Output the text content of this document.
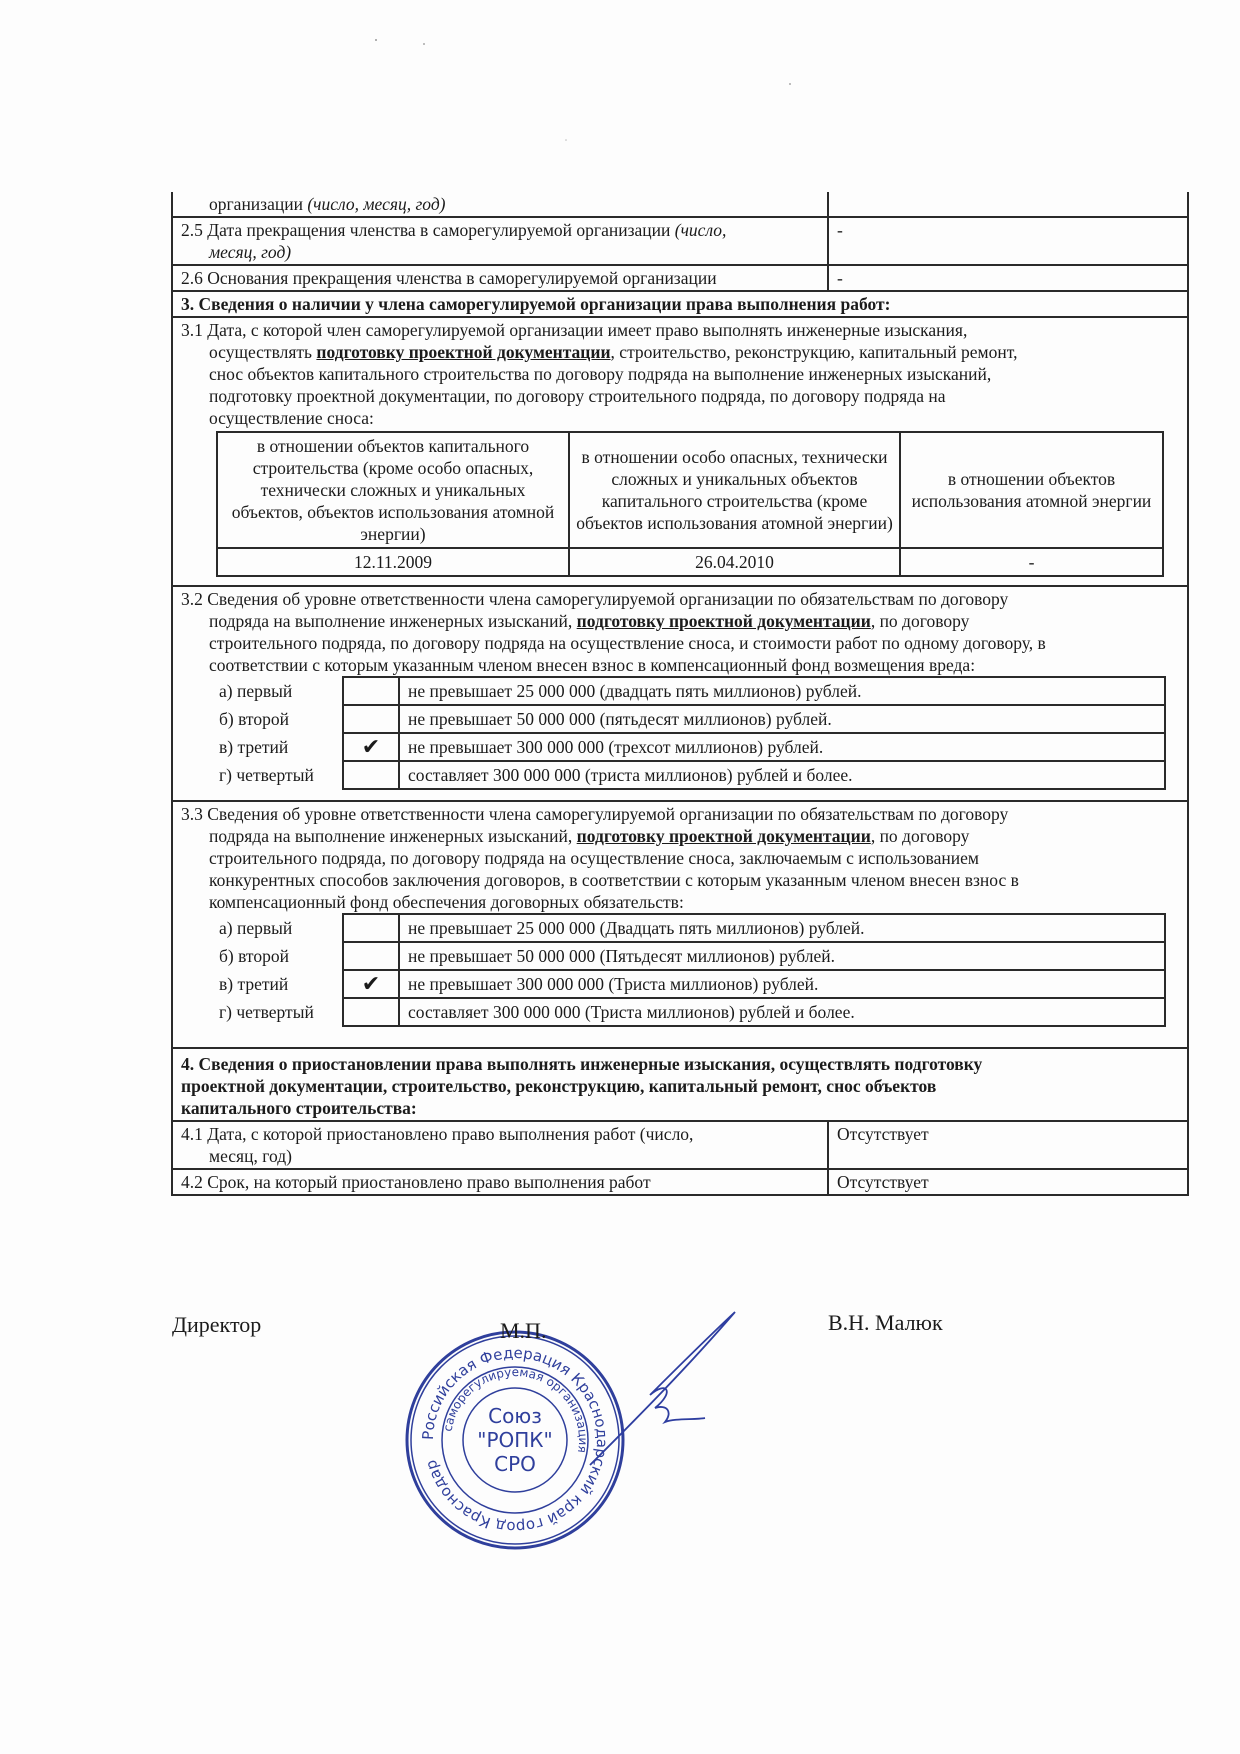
организации (число, месяц, год)	
2.5 Дата прекращения членства в саморегулируемой организации (число,
месяц, год)
	-
2.6 Основания прекращения членства в саморегулируемой организации	-
3. Сведения о наличии у члена саморегулируемой организации права выполнения работ:

3.1 Дата, с которой член саморегулируемой организации имеет право выполнять инженерные изыскания,
осуществлять подготовку проектной документации, строительство, реконструкцию, капитальный ремонт,
снос объектов капитального строительства по договору подряда на выполнение инженерных изысканий,
подготовку проектной документации, по договору строительного подряда, по договору подряда на
осуществление сноса:
в отношении объектов капитального строительства (кроме особо опасных, технически сложных и уникальных объектов, объектов использования атомной энергии)	в отношении особо опасных, технически сложных и уникальных объектов капитального строительства (кроме объектов использования атомной энергии)	в отношении объектов использования атомной энергии
12.11.2009	26.04.2010	-

3.2 Сведения об уровне ответственности члена саморегулируемой организации по обязательствам по договору
подряда на выполнение инженерных изысканий, подготовку проектной документации, по договору
строительного подряда, по договору подряда на осуществление сноса, и стоимости работ по одному договору, в
соответствии с которым указанным членом внесен взнос в компенсационный фонд возмещения вреда:
а) первый		не превышает 25 000 000 (двадцать пять миллионов) рублей.
б) второй		не превышает 50 000 000 (пятьдесят миллионов) рублей.
в) третий	✔	не превышает 300 000 000 (трехсот миллионов) рублей.
г) четвертый		составляет 300 000 000 (триста миллионов) рублей и более.

3.3 Сведения об уровне ответственности члена саморегулируемой организации по обязательствам по договору
подряда на выполнение инженерных изысканий, подготовку проектной документации, по договору
строительного подряда, по договору подряда на осуществление сноса, заключаемым с использованием
конкурентных способов заключения договоров, в соответствии с которым указанным членом внесен взнос в
компенсационный фонд обеспечения договорных обязательств:
а) первый		не превышает 25 000 000 (Двадцать пять миллионов) рублей.
б) второй		не превышает 50 000 000 (Пятьдесят миллионов) рублей.
в) третий	✔	не превышает 300 000 000 (Триста миллионов) рублей.
г) четвертый		составляет 300 000 000 (Триста миллионов) рублей и более.

4. Сведения о приостановлении права выполнять инженерные изыскания, осуществлять подготовку
проектной документации, строительство, реконструкцию, капитальный ремонт, снос объектов
капитального строительства:

4.1 Дата, с которой приостановлено право выполнения работ (число,
месяц, год)
	Отсутствует
4.2 Срок, на который приостановлено право выполнения работ	Отсутствует
Директор	В.Н. Малюк
Российская Федерация Краснодарский край город Краснодар
саморегулируемая организация
Союз
"РОПК"
СРО
М.П.
